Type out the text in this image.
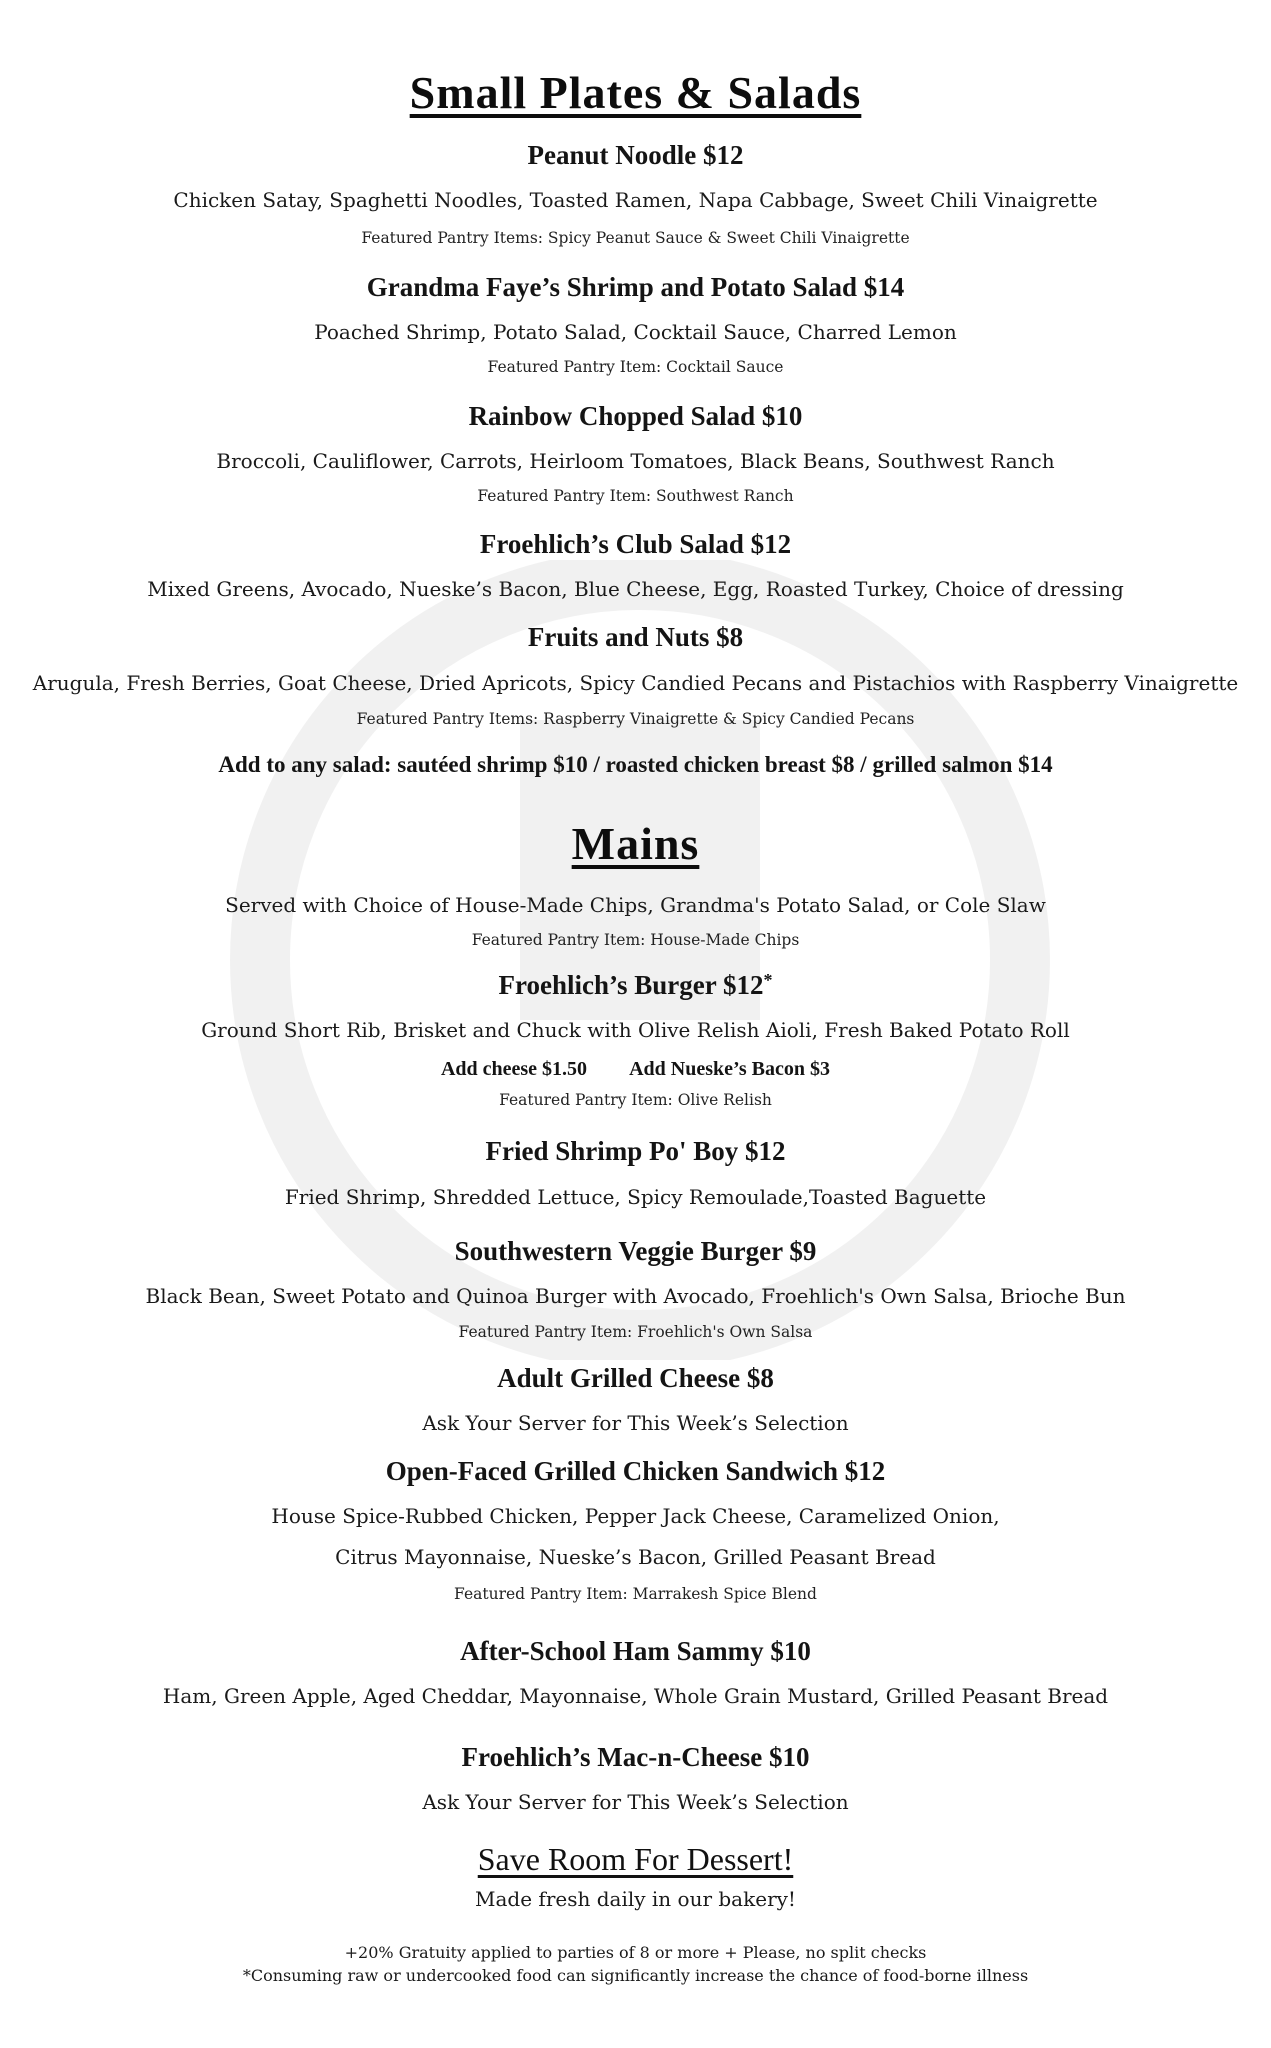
Small Plates & Salads
Peanut Noodle $12
Chicken Satay, Spaghetti Noodles, Toasted Ramen, Napa Cabbage, Sweet Chili Vinaigrette
Featured Pantry Items: Spicy Peanut Sauce & Sweet Chili Vinaigrette
Grandma Faye’s Shrimp and Potato Salad $14
Poached Shrimp, Potato Salad, Cocktail Sauce, Charred Lemon
Featured Pantry Item: Cocktail Sauce
Rainbow Chopped Salad $10
Broccoli, Cauliflower, Carrots, Heirloom Tomatoes, Black Beans, Southwest Ranch
Featured Pantry Item: Southwest Ranch
Froehlich’s Club Salad $12
Mixed Greens, Avocado, Nueske’s Bacon, Blue Cheese, Egg, Roasted Turkey, Choice of dressing
Fruits and Nuts $8
Arugula, Fresh Berries, Goat Cheese, Dried Apricots, Spicy Candied Pecans and Pistachios with Raspberry Vinaigrette
Featured Pantry Items: Raspberry Vinaigrette & Spicy Candied Pecans
Add to any salad: sautéed shrimp $10 / roasted chicken breast $8 / grilled salmon $14
Mains
Served with Choice of House-Made Chips, Grandma's Potato Salad, or Cole Slaw
Featured Pantry Item: House-Made Chips
Froehlich’s Burger $12*
Ground Short Rib, Brisket and Chuck with Olive Relish Aioli, Fresh Baked Potato Roll
Add cheese $1.50 Add Nueske’s Bacon $3
Featured Pantry Item: Olive Relish
Fried Shrimp Po' Boy $12
Fried Shrimp, Shredded Lettuce, Spicy Remoulade,Toasted Baguette
Southwestern Veggie Burger $9
Black Bean, Sweet Potato and Quinoa Burger with Avocado, Froehlich's Own Salsa, Brioche Bun
Featured Pantry Item: Froehlich's Own Salsa
Adult Grilled Cheese $8
Ask Your Server for This Week’s Selection
Open-Faced Grilled Chicken Sandwich $12
House Spice-Rubbed Chicken, Pepper Jack Cheese, Caramelized Onion,
Citrus Mayonnaise, Nueske’s Bacon, Grilled Peasant Bread
Featured Pantry Item: Marrakesh Spice Blend
After-School Ham Sammy $10
Ham, Green Apple, Aged Cheddar, Mayonnaise, Whole Grain Mustard, Grilled Peasant Bread
Froehlich’s Mac-n-Cheese $10
Ask Your Server for This Week’s Selection
Save Room For Dessert!
Made fresh daily in our bakery!
+20% Gratuity applied to parties of 8 or more + Please, no split checks
*Consuming raw or undercooked food can significantly increase the chance of food-borne illness
